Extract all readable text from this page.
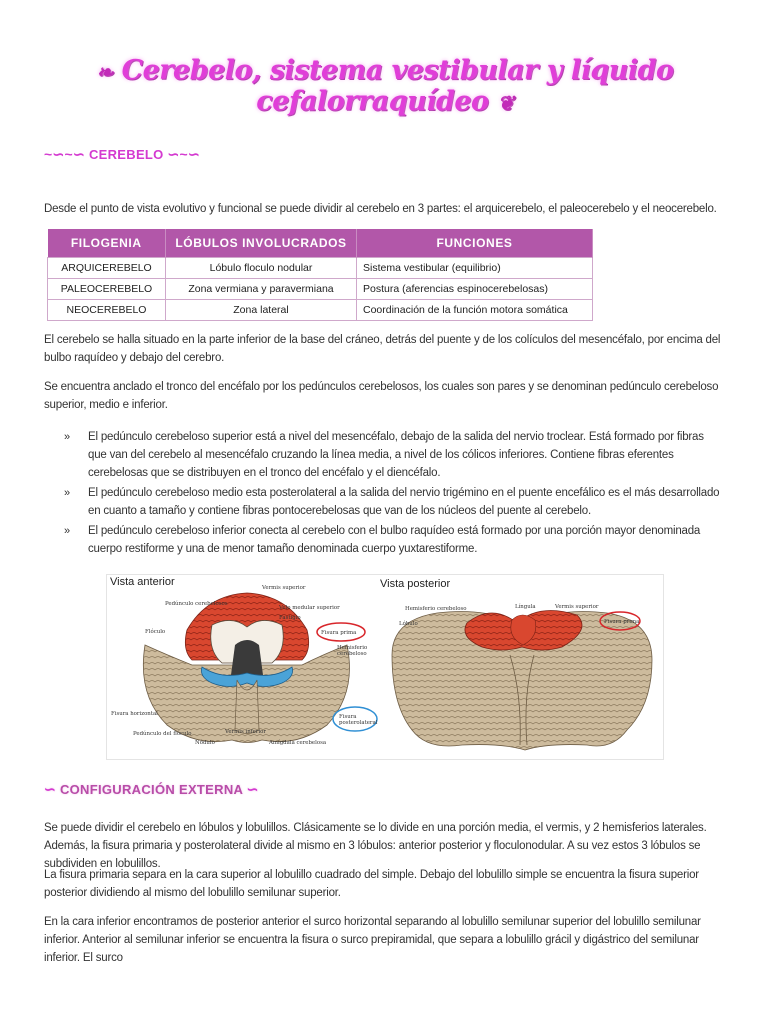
❧ Cerebelo, sistema vestibular y líquido cefalorraquídeo ❦
~∽~∽ CEREBELO ∽~∽
Desde el punto de vista evolutivo y funcional se puede dividir al cerebelo en 3 partes: el arquicerebelo, el paleocerebelo y el neocerebelo.
FILOGENIA	LÓBULOS INVOLUCRADOS	FUNCIONES
ARQUICEREBELO	Lóbulo floculo nodular	Sistema vestibular (equilibrio)
PALEOCEREBELO	Zona vermiana y paravermiana	Postura (aferencias espinocerebelosas)
NEOCEREBELO	Zona lateral	Coordinación de la función motora somática
El cerebelo se halla situado en la parte inferior de la base del cráneo, detrás del puente y de los colículos del mesencéfalo, por encima del bulbo raquídeo y debajo del cerebro.
Se encuentra anclado el tronco del encéfalo por los pedúnculos cerebelosos, los cuales son pares y se denominan pedúnculo cerebeloso superior, medio e inferior.
» El pedúnculo cerebeloso superior está a nivel del mesencéfalo, debajo de la salida del nervio troclear. Está formado por fibras que van del cerebelo al mesencéfalo cruzando la línea media, a nivel de los cólicos inferiores. Contiene fibras eferentes cerebelosas que se distribuyen en el tronco del encéfalo y el diencéfalo.
» El pedúnculo cerebeloso medio esta posterolateral a la salida del nervio trigémino en el puente encefálico es el más desarrollado en cuanto a tamaño y contiene fibras pontocerebelosas que van de los núcleos del puente al cerebelo.
» El pedúnculo cerebeloso inferior conecta al cerebelo con el bulbo raquídeo está formado por una porción mayor denominada cuerpo restiforme y una de menor tamaño denominada cuerpo yuxtarestiforme.
Vista anterior	Vista posterior
Vermis superior
Pedúnculo cerebelosos
Velo medular superior
Fastigio
Fisura prima
Flóculo
Hemisferio
cerebeloso
Fisura horizontal	Fisura
posterolateral
Pedúnculo del flóculo
Nódulo
Vermis inferior
Amígdala cerebelosa
Hemisferio cerebeloso	Língula	Vermis superior
Lóbulo	Fisura prima
∽ CONFIGURACIÓN EXTERNA ∽
Se puede dividir el cerebelo en lóbulos y lobulillos. Clásicamente se lo divide en una porción media, el vermis, y 2 hemisferios laterales. Además, la fisura primaria y posterolateral divide al mismo en 3 lóbulos: anterior posterior y floculonodular. A su vez estos 3 lóbulos se subdividen en lobulillos.
La fisura primaria separa en la cara superior al lobulillo cuadrado del simple. Debajo del lobulillo simple se encuentra la fisura superior posterior dividiendo al mismo del lobulillo semilunar superior.
En la cara inferior encontramos de posterior anterior el surco horizontal separando al lobulillo semilunar superior del lobulillo semilunar inferior. Anterior al semilunar inferior se encuentra la fisura o surco prepiramidal, que separa a lobulillo grácil y digástrico del semilunar inferior. El surco
